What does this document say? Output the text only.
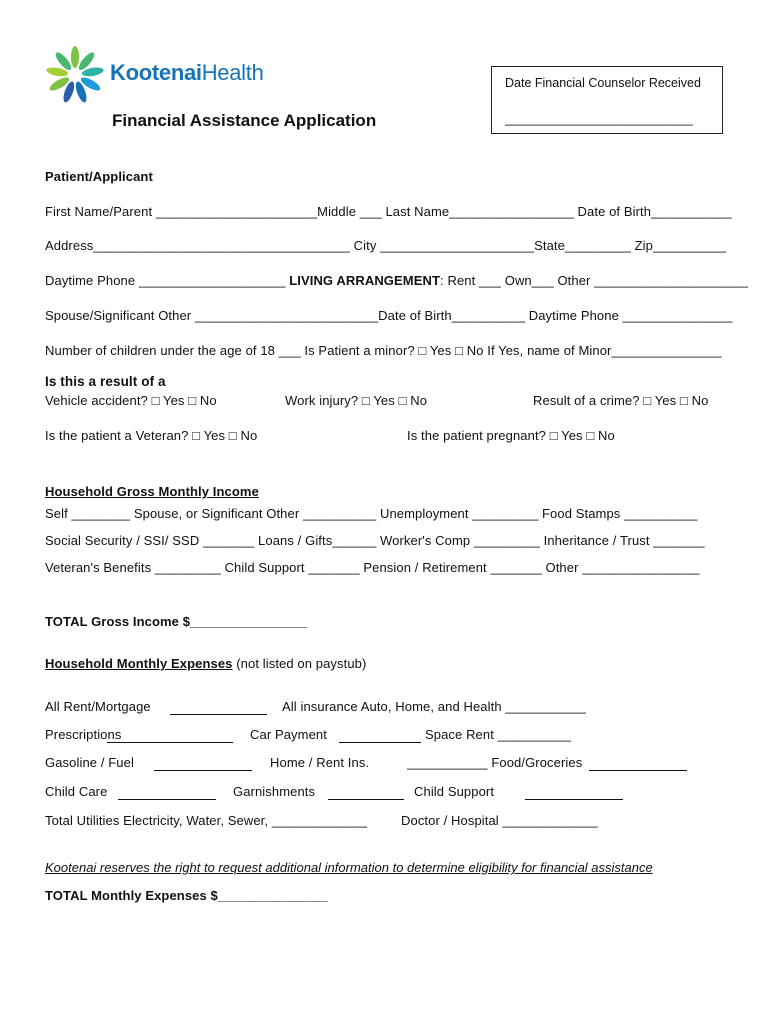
KootenaiHealth	Date Financial Counselor Received
___________________________
Financial Assistance Application
Patient/Applicant
First Name/Parent ______________________Middle ___ Last Name_________________ Date of Birth___________
Address___________________________________ City _____________________State_________ Zip__________
Daytime Phone ____________________ LIVING ARRANGEMENT: Rent ___ Own___ Other _____________________
Spouse/Significant Other _________________________Date of Birth__________ Daytime Phone _______________
Number of children under the age of 18 ___ Is Patient a minor? □ Yes □ No If Yes, name of Minor_______________
Is this a result of a
Vehicle accident? □ Yes □ No	Work injury? □ Yes □ No	Result of a crime? □ Yes □ No
Is the patient a Veteran? □ Yes □ No	Is the patient pregnant? □ Yes □ No
Household Gross Monthly Income
Self ________ Spouse, or Significant Other __________ Unemployment _________ Food Stamps __________
Social Security / SSI/ SSD _______ Loans / Gifts______ Worker's Comp _________ Inheritance / Trust _______
Veteran's Benefits _________ Child Support _______ Pension / Retirement _______ Other ________________
TOTAL Gross Income $________________
Household Monthly Expenses (not listed on paystub)
All Rent/Mortgage	All insurance Auto, Home, and Health ___________
Prescriptions	Car Payment	Space Rent __________
Gasoline / Fuel	Home / Rent Ins.	___________ Food/Groceries
Child Care	Garnishments	Child Support
Total Utilities Electricity, Water, Sewer, _____________	Doctor / Hospital _____________
Kootenai reserves the right to request additional information to determine eligibility for financial assistance
TOTAL Monthly Expenses $_______________
